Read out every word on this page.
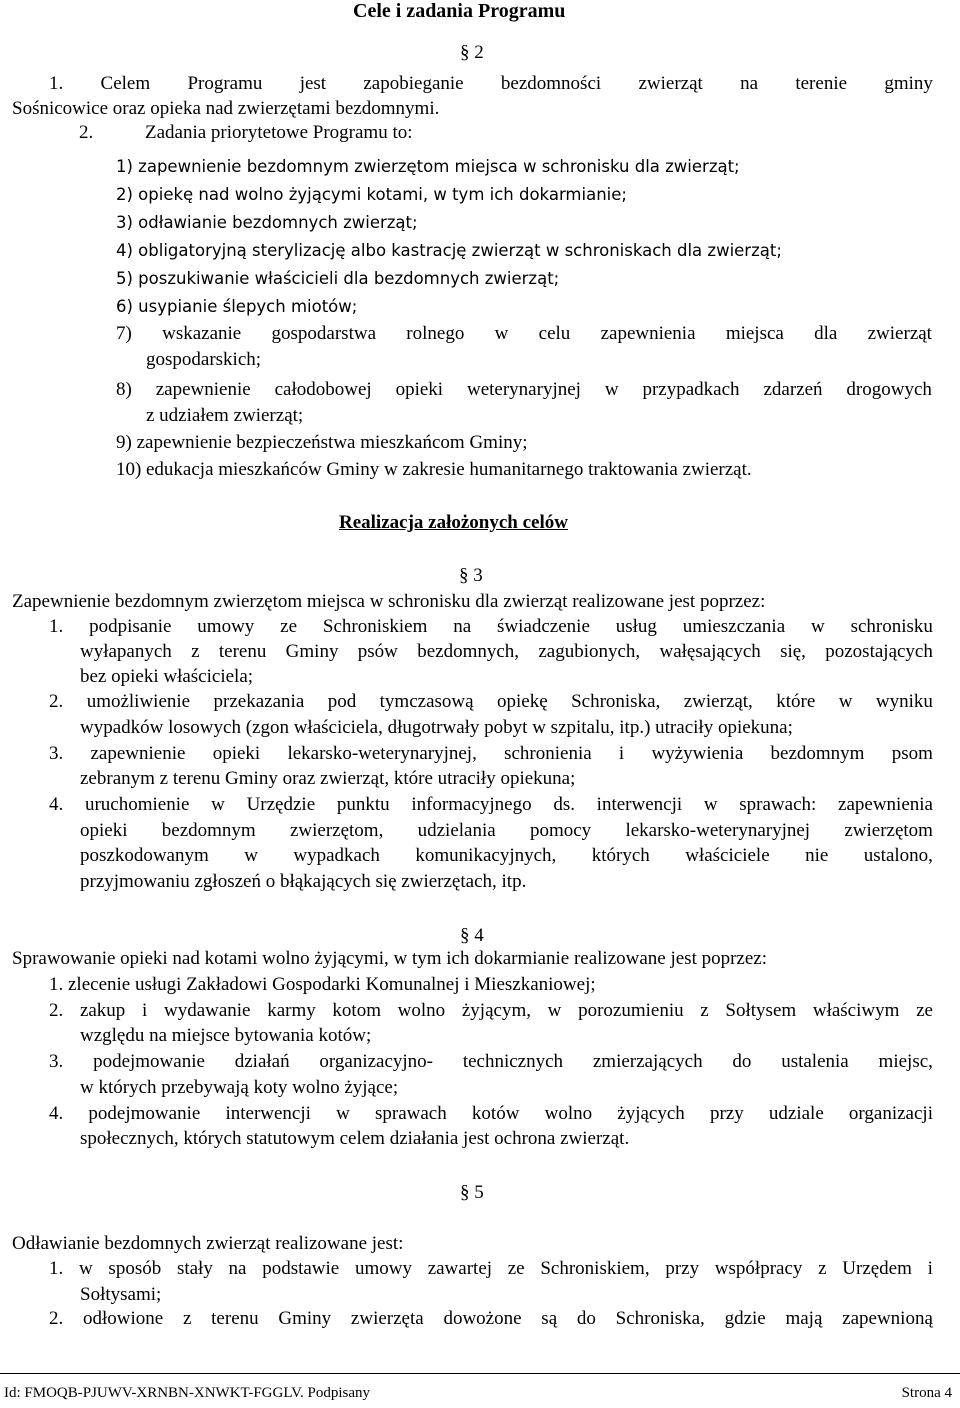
Cele i zadania Programu
§ 2
1. Celem Programu jest zapobieganie bezdomności zwierząt na terenie gminy
Sośnicowice oraz opieka nad zwierzętami bezdomnymi.
2.	Zadania priorytetowe Programu to:
1) zapewnienie bezdomnym zwierzętom miejsca w schronisku dla zwierząt;
2) opiekę nad wolno żyjącymi kotami, w tym ich dokarmianie;
3) odławianie bezdomnych zwierząt;
4) obligatoryjną sterylizację albo kastrację zwierząt w schroniskach dla zwierząt;
5) poszukiwanie właścicieli dla bezdomnych zwierząt;
6) usypianie ślepych miotów;
7) wskazanie gospodarstwa rolnego w celu zapewnienia miejsca dla zwierząt
gospodarskich;
8) zapewnienie całodobowej opieki weterynaryjnej w przypadkach zdarzeń drogowych
z udziałem zwierząt;
9) zapewnienie bezpieczeństwa mieszkańcom Gminy;
10) edukacja mieszkańców Gminy w zakresie humanitarnego traktowania zwierząt.
Realizacja założonych celów
§ 3
Zapewnienie bezdomnym zwierzętom miejsca w schronisku dla zwierząt realizowane jest poprzez:
1. podpisanie umowy ze Schroniskiem na świadczenie usług umieszczania w schronisku
wyłapanych z terenu Gminy psów bezdomnych, zagubionych, wałęsających się, pozostających
bez opieki właściciela;
2. umożliwienie przekazania pod tymczasową opiekę Schroniska, zwierząt, które w wyniku
wypadków losowych (zgon właściciela, długotrwały pobyt w szpitalu, itp.) utraciły opiekuna;
3. zapewnienie opieki lekarsko-weterynaryjnej, schronienia i wyżywienia bezdomnym psom
zebranym z terenu Gminy oraz zwierząt, które utraciły opiekuna;
4. uruchomienie w Urzędzie punktu informacyjnego ds. interwencji w sprawach: zapewnienia
opieki bezdomnym zwierzętom, udzielania pomocy lekarsko-weterynaryjnej zwierzętom
poszkodowanym w wypadkach komunikacyjnych, których właściciele nie ustalono,
przyjmowaniu zgłoszeń o błąkających się zwierzętach, itp.
§ 4
Sprawowanie opieki nad kotami wolno żyjącymi, w tym ich dokarmianie realizowane jest poprzez:
1. zlecenie usługi Zakładowi Gospodarki Komunalnej i Mieszkaniowej;
2. zakup i wydawanie karmy kotom wolno żyjącym, w porozumieniu z Sołtysem właściwym ze
względu na miejsce bytowania kotów;
3. podejmowanie działań organizacyjno- technicznych zmierzających do ustalenia miejsc,
w których przebywają koty wolno żyjące;
4. podejmowanie interwencji w sprawach kotów wolno żyjących przy udziale organizacji
społecznych, których statutowym celem działania jest ochrona zwierząt.
§ 5
Odławianie bezdomnych zwierząt realizowane jest:
1. w sposób stały na podstawie umowy zawartej ze Schroniskiem, przy współpracy z Urzędem i
Sołtysami;
2. odłowione z terenu Gminy zwierzęta dowożone są do Schroniska, gdzie mają zapewnioną
Id: FMOQB-PJUWV-XRNBN-XNWKT-FGGLV. Podpisany	Strona 4
